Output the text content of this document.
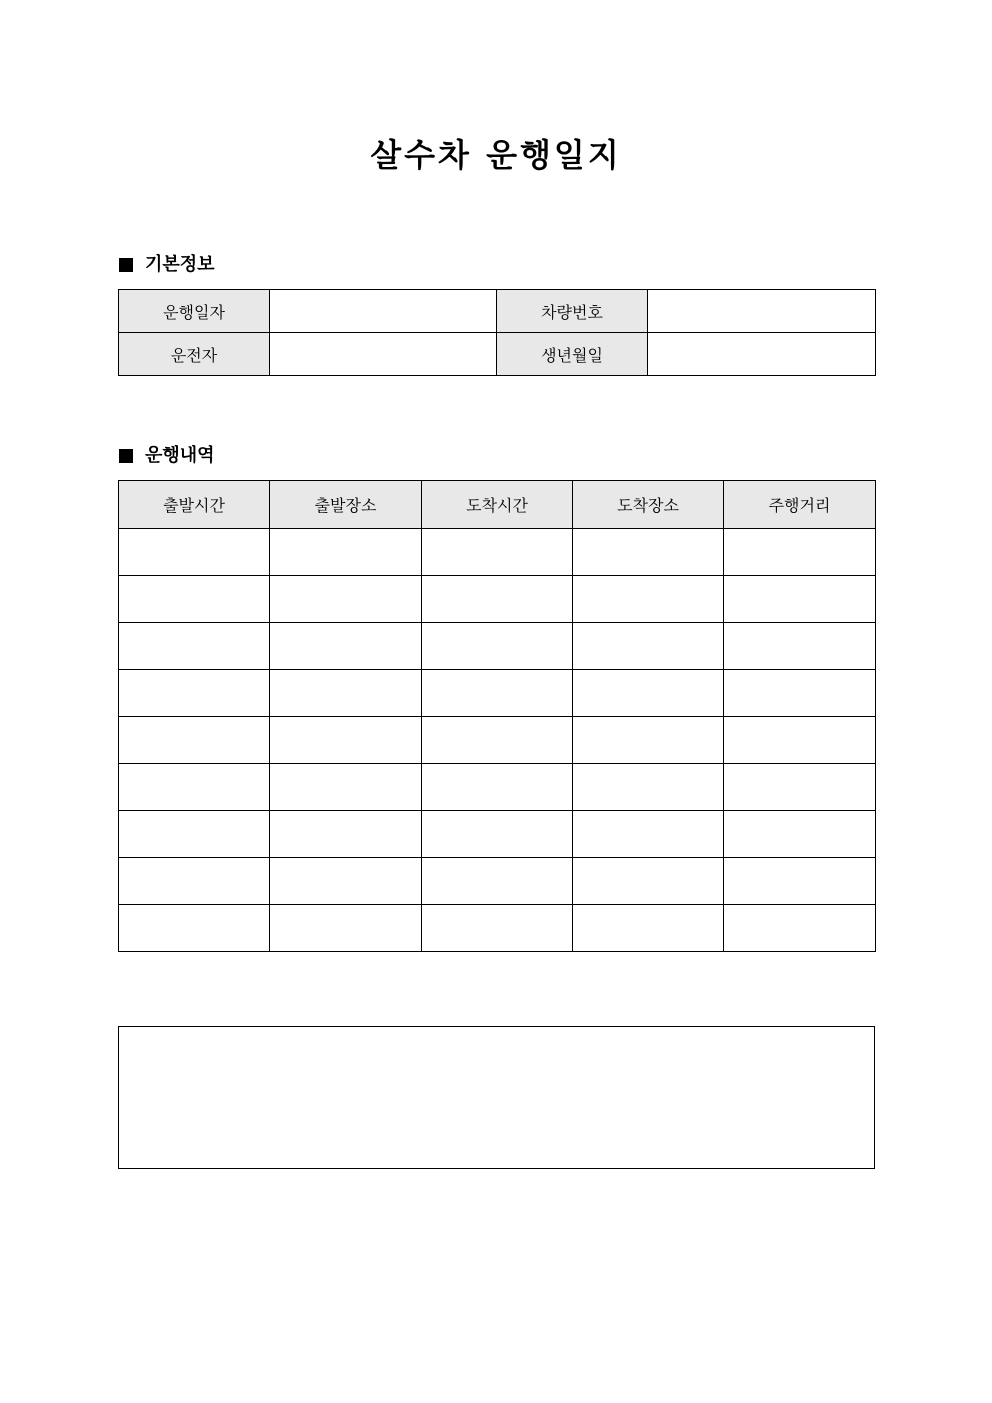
살수차 운행일지
기본정보
운행일자		차량번호	
운전자		생년월일	
운행내역
출발시간	출발장소	도착시간	도착장소	주행거리
